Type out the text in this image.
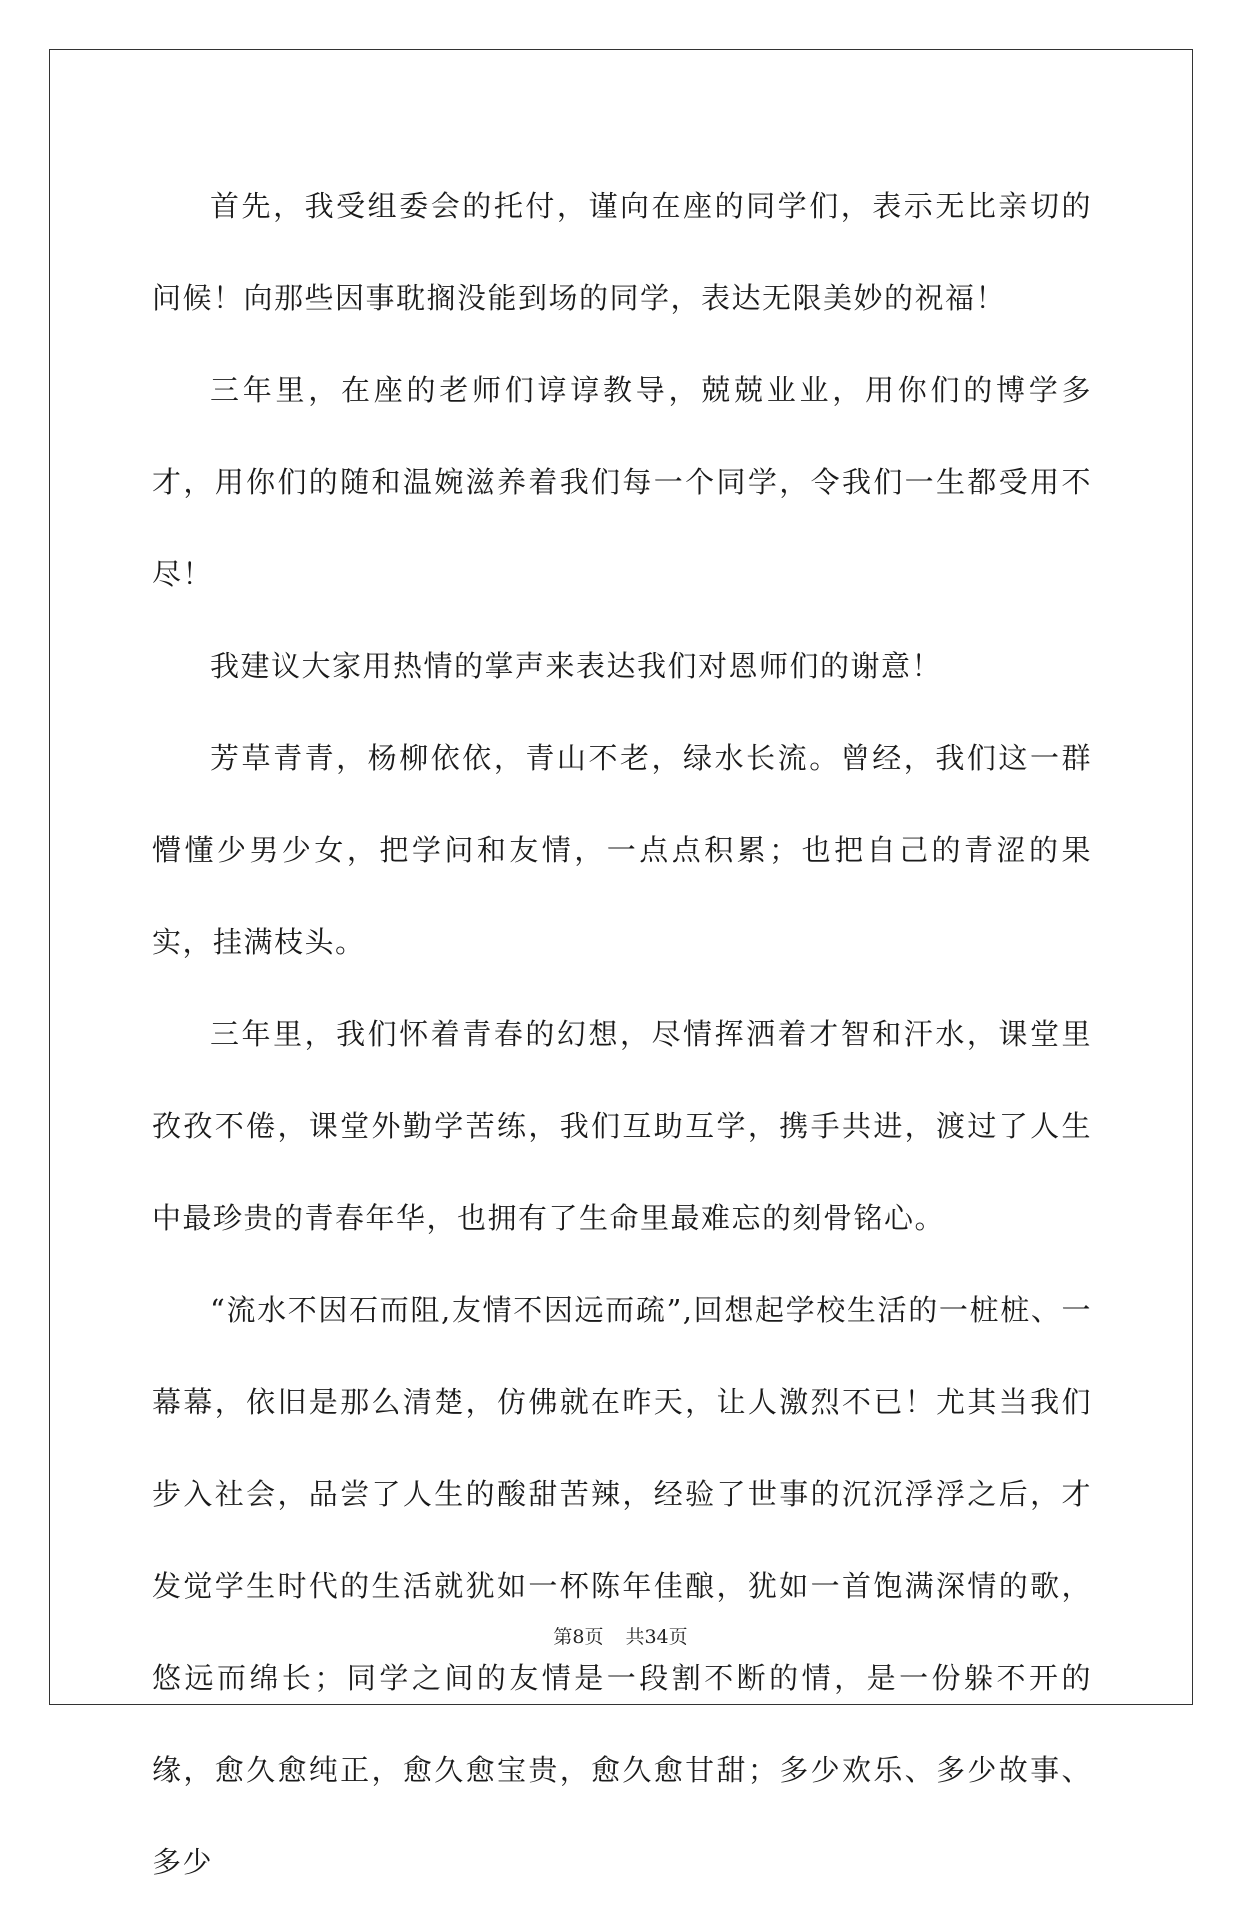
首先，我受组委会的托付，谨向在座的同学们，表示无比亲切的问候！向那些因事耽搁没能到场的同学，表达无限美妙的祝福！

三年里，在座的老师们谆谆教导，兢兢业业，用你们的博学多才，用你们的随和温婉滋养着我们每一个同学，令我们一生都受用不尽！

我建议大家用热情的掌声来表达我们对恩师们的谢意！

芳草青青，杨柳依依，青山不老，绿水长流。曾经，我们这一群懵懂少男少女，把学问和友情，一点点积累；也把自己的青涩的果实，挂满枝头。

三年里，我们怀着青春的幻想，尽情挥洒着才智和汗水，课堂里孜孜不倦，课堂外勤学苦练，我们互助互学，携手共进，渡过了人生中最珍贵的青春年华，也拥有了生命里最难忘的刻骨铭心。

“流水不因石而阻,友情不因远而疏”,回想起学校生活的一桩桩、一幕幕，依旧是那么清楚，仿佛就在昨天，让人激烈不已！尤其当我们步入社会，品尝了人生的酸甜苦辣，经验了世事的沉沉浮浮之后，才发觉学生时代的生活就犹如一杯陈年佳酿，犹如一首饱满深情的歌，悠远而绵长；同学之间的友情是一段割不断的情，是一份躲不开的缘，愈久愈纯正，愈久愈宝贵，愈久愈甘甜；多少欢乐、多少故事、多少

第8页 共34页
